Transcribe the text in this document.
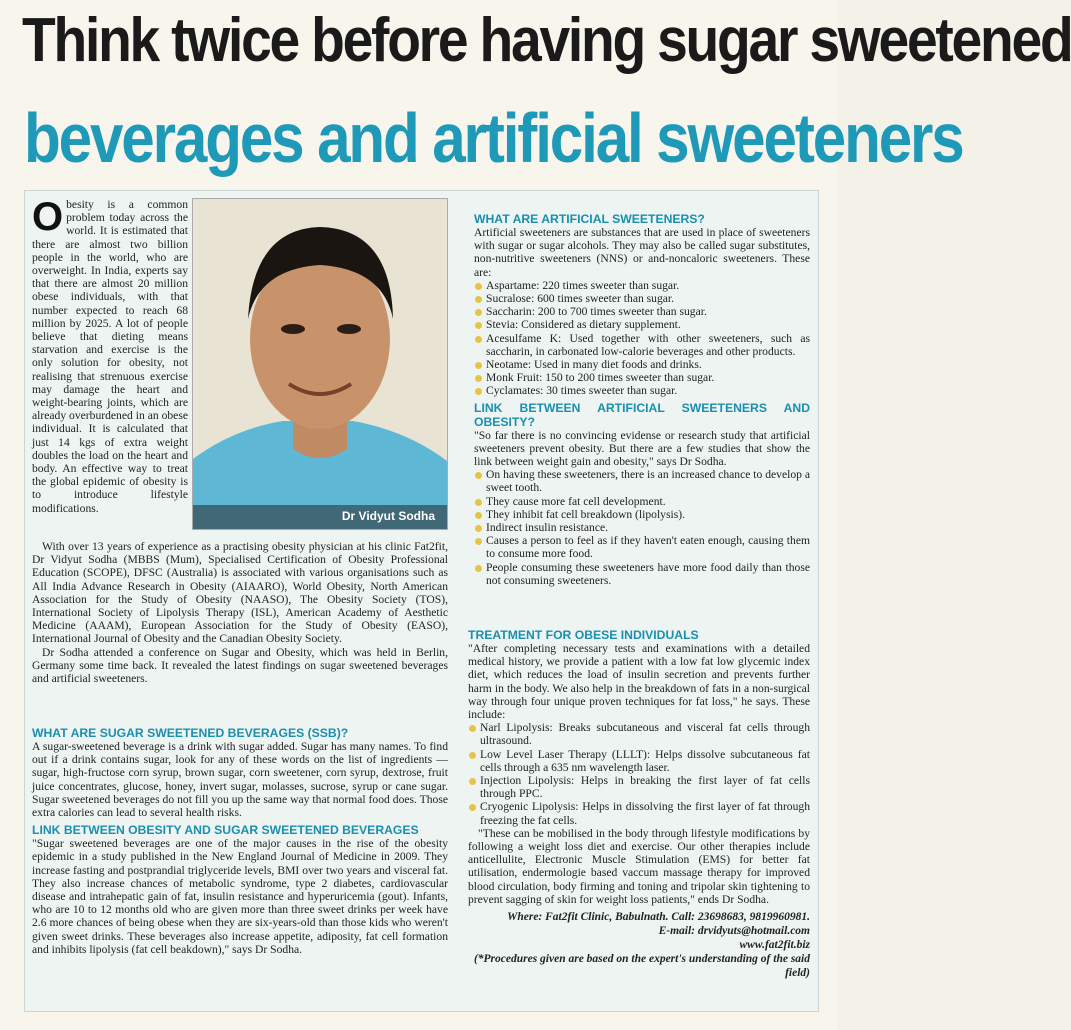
Think twice before having sugar sweetened
beverages and artificial sweeteners
O besity is a common problem today across the world. It is estimated that there are almost two billion people in the world, who are overweight. In India, experts say that there are almost 20 million obese individuals, with that number expected to reach 68 million by 2025. A lot of people believe that dieting means starvation and exercise is the only solution for obesity, not realising that strenuous exercise may damage the heart and weight-bearing joints, which are already overburdened in an obese individual. It is calculated that just 14 kgs of extra weight doubles the load on the heart and body. An effective way to treat the global epidemic of obesity is to introduce lifestyle modifications.

Dr Vidyut Sodha

With over 13 years of experience as a practising obesity physician at his clinic Fat2fit, Dr Vidyut Sodha (MBBS (Mum), Specialised Certification of Obesity Professional Education (SCOPE), DFSC (Australia) is associated with various organisations such as All India Advance Research in Obesity (AIAARO), World Obesity, North American Association for the Study of Obesity (NAASO), The Obesity Society (TOS), International Society of Lipolysis Therapy (ISL), American Academy of Aesthetic Medicine (AAAM), European Association for the Study of Obesity (EASO), International Journal of Obesity and the Canadian Obesity Society.

Dr Sodha attended a conference on Sugar and Obesity, which was held in Berlin, Germany some time back. It revealed the latest findings on sugar sweetened beverages and artificial sweeteners.

WHAT ARE SUGAR SWEETENED BEVERAGES (SSB)?

A sugar-sweetened beverage is a drink with sugar added. Sugar has many names. To find out if a drink contains sugar, look for any of these words on the list of ingredients — sugar, high-fructose corn syrup, brown sugar, corn sweetener, corn syrup, dextrose, fruit juice concentrates, glucose, honey, invert sugar, molasses, sucrose, syrup or cane sugar. Sugar sweetened beverages do not fill you up the same way that normal food does. Those extra calories can lead to several health risks.

LINK BETWEEN OBESITY AND SUGAR SWEETENED BEVERAGES

"Sugar sweetened beverages are one of the major causes in the rise of the obesity epidemic in a study published in the New England Journal of Medicine in 2009. They increase fasting and postprandial triglyceride levels, BMI over two years and visceral fat. They also increase chances of metabolic syndrome, type 2 diabetes, cardiovascular disease and intrahepatic gain of fat, insulin resistance and hyperuricemia (gout). Infants, who are 10 to 12 months old who are given more than three sweet drinks per week have 2.6 more chances of being obese when they are six-years-old than those kids who weren't given sweet drinks. These beverages also increase appetite, adiposity, fat cell formation and inhibits lipolysis (fat cell beakdown)," says Dr Sodha.

WHAT ARE ARTIFICIAL SWEETENERS?

Artificial sweeteners are substances that are used in place of sweeteners with sugar or sugar alcohols. They may also be called sugar substitutes, non-nutritive sweeteners (NNS) or and-noncaloric sweeteners. These are:

Aspartame: 220 times sweeter than sugar.
Sucralose: 600 times sweeter than sugar.
Saccharin: 200 to 700 times sweeter than sugar.
Stevia: Considered as dietary supplement.
Acesulfame K: Used together with other sweeteners, such as saccharin, in carbonated low-calorie beverages and other products.
Neotame: Used in many diet foods and drinks.
Monk Fruit: 150 to 200 times sweeter than sugar.
Cyclamates: 30 times sweeter than sugar.

LINK BETWEEN ARTIFICIAL SWEETENERS AND OBESITY?

"So far there is no convincing evidense or research study that artificial sweeteners prevent obesity. But there are a few studies that show the link between weight gain and obesity," says Dr Sodha.

On having these sweeteners, there is an increased chance to develop a sweet tooth.
They cause more fat cell development.
They inhibit fat cell breakdown (lipolysis).
Indirect insulin resistance.
Causes a person to feel as if they haven't eaten enough, causing them to consume more food.
People consuming these sweeteners have more food daily than those not consuming sweeteners.

TREATMENT FOR OBESE INDIVIDUALS

"After completing necessary tests and examinations with a detailed medical history, we provide a patient with a low fat low glycemic index diet, which reduces the load of insulin secretion and prevents further harm in the body. We also help in the breakdown of fats in a non-surgical way through four unique proven techniques for fat loss," he says. These include:

Narl Lipolysis: Breaks subcutaneous and visceral fat cells through ultrasound.
Low Level Laser Therapy (LLLT): Helps dissolve subcutaneous fat cells through a 635 nm wavelength laser.
Injection Lipolysis: Helps in breaking the first layer of fat cells through PPC.
Cryogenic Lipolysis: Helps in dissolving the first layer of fat through freezing the fat cells.

"These can be mobilised in the body through lifestyle modifications by following a weight loss diet and exercise. Our other therapies include anticellulite, Electronic Muscle Stimulation (EMS) for better fat utilisation, endermologie based vaccum massage therapy for improved blood circulation, body firming and toning and tripolar skin tightening to prevent sagging of skin for weight loss patients," ends Dr Sodha.

Where: Fat2fit Clinic, Babulnath. Call: 23698683, 9819960981.

E-mail: drvidyuts@hotmail.com

www.fat2fit.biz

(*Procedures given are based on the expert's understanding of the said field)
